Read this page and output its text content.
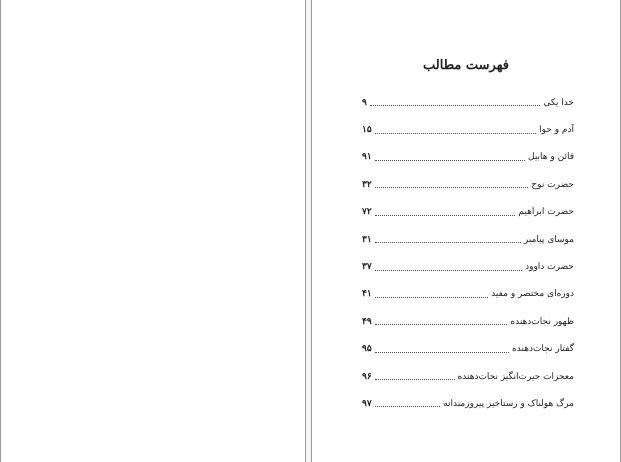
فهرست مطالب
خدا یکی
۹
آدم و حوا
۱۵
قائن و هابیل
۹۱
حضرت نوح
۳۲
حضرت ابراهیم
۷۲
موسای پیامبر
۳۱
حضرت داوود
۳۷
دوره‌ای مختصر و مفید
۴۱
ظهور نجات‌دهنده
۴۹
گفتار نجات‌دهنده
۹۵
معجزات حیرت‌انگیز نجات‌دهنده
۹۶
مرگ هولناک و رستاخیز پیروزمندانه
۹۷
